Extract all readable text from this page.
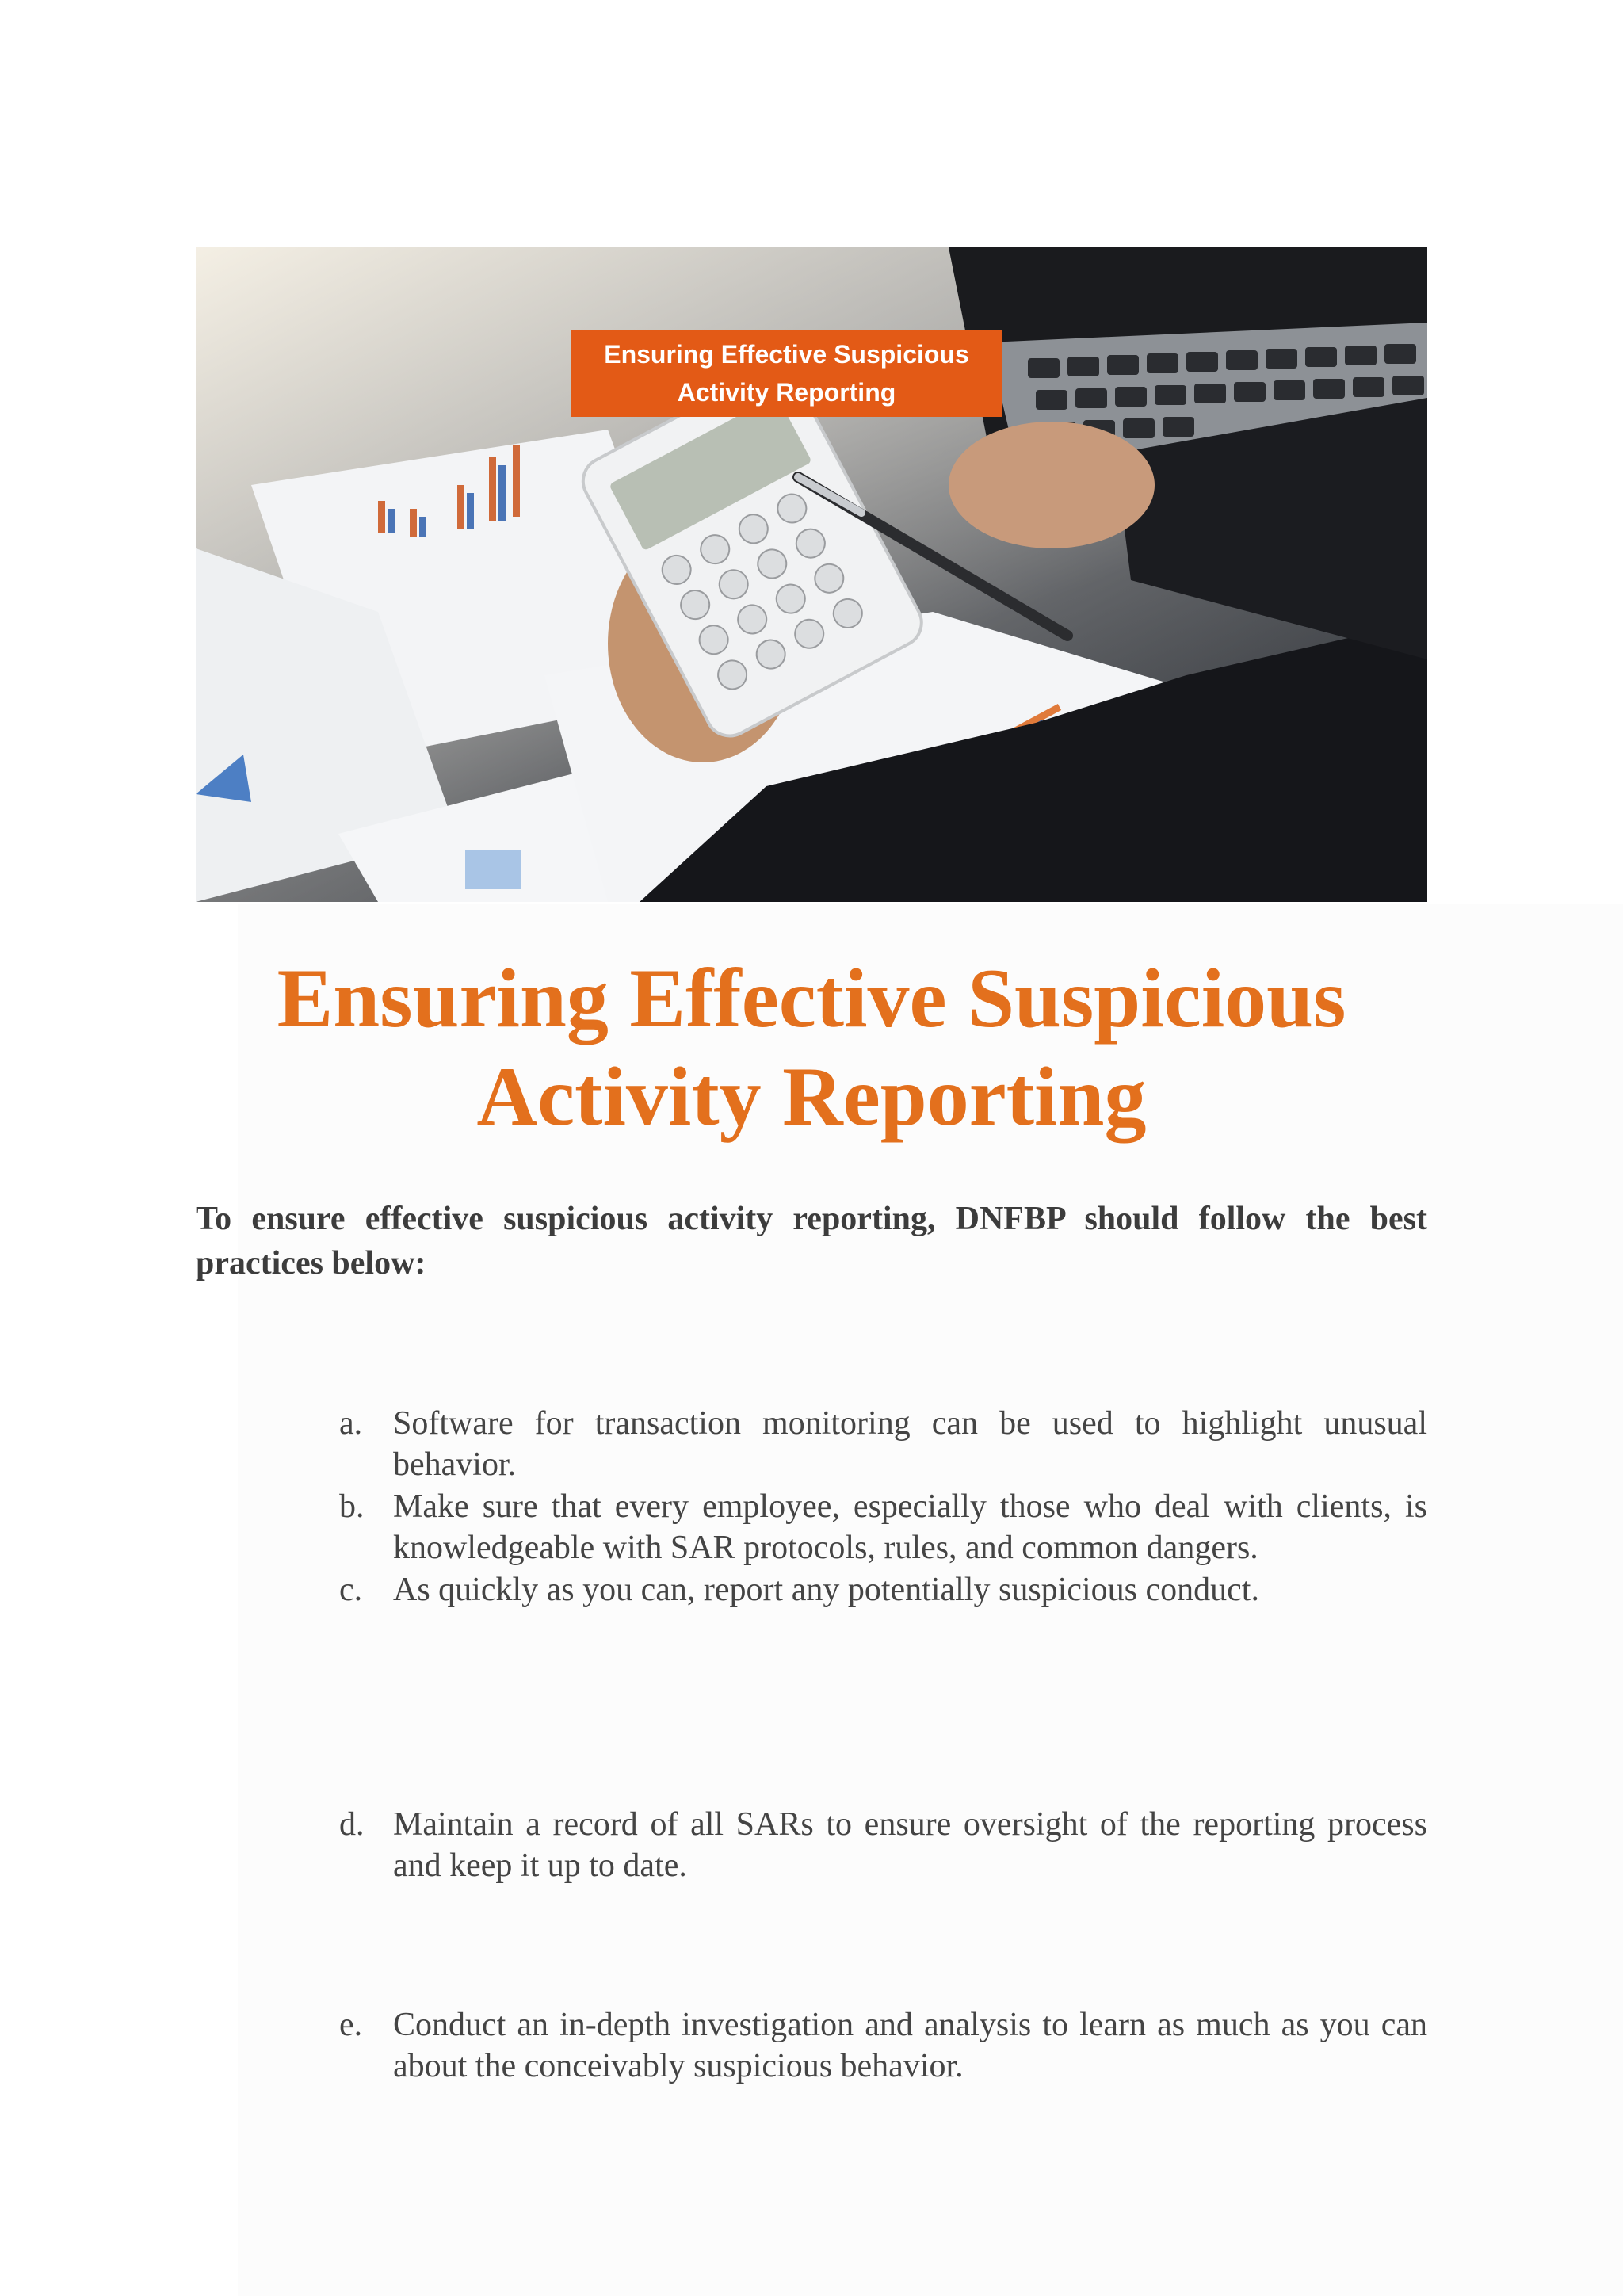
Ensuring Effective Suspicious
Activity Reporting
Ensuring Effective Suspicious
Activity Reporting

To ensure effective suspicious activity reporting, DNFBP should follow the best practices below:

a. Software for transaction monitoring can be used to highlight unusual behavior.
b. Make sure that every employee, especially those who deal with clients, is knowledgeable with SAR protocols, rules, and common dangers.
c. As quickly as you can, report any potentially suspicious conduct.
d. Maintain a record of all SARs to ensure oversight of the reporting process and keep it up to date.
e. Conduct an in-depth investigation and analysis to learn as much as you can about the conceivably suspicious behavior.
